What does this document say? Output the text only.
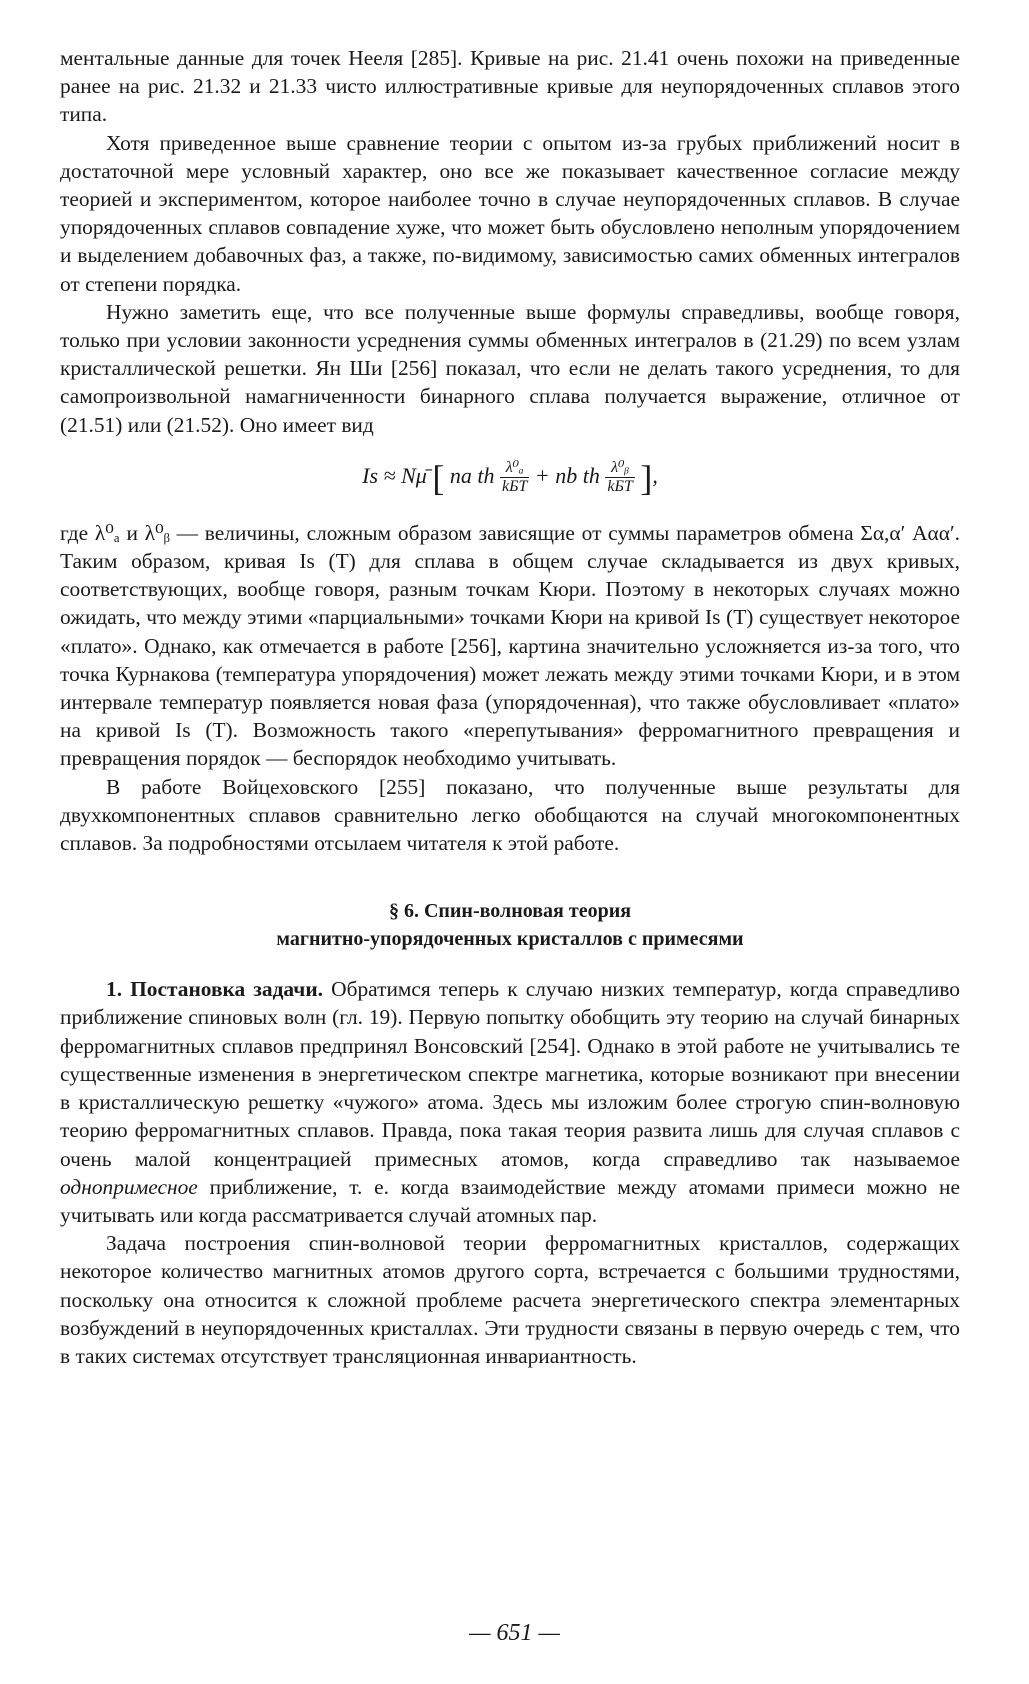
ментальные данные для точек Нееля [285]. Кривые на рис. 21.41 очень похожи на приведенные ранее на рис. 21.32 и 21.33 чисто иллюстративные кривые для неупорядоченных сплавов этого типа.

Хотя приведенное выше сравнение теории с опытом из-за грубых приближений носит в достаточной мере условный характер, оно все же показывает качественное согласие между теорией и экспериментом, которое наиболее точно в случае неупорядоченных сплавов. В случае упорядоченных сплавов совпадение хуже, что может быть обусловлено неполным упорядочением и выделением добавочных фаз, а также, по-видимому, зависимостью самих обменных интегралов от степени порядка.

Нужно заметить еще, что все полученные выше формулы справедливы, вообще говоря, только при условии законности усреднения суммы обменных интегралов в (21.29) по всем узлам кристаллической решетки. Ян Ши [256] показал, что если не делать такого усреднения, то для самопроизвольной намагниченности бинарного сплава получается выражение, отличное от (21.51) или (21.52). Оно имеет вид

Is ≈ Nμ̄ [ na th $\frac{\text{λ⁰ₐ}}{\text{kБT}}$ + nb th $\frac{\text{λ⁰ᵦ}}{\text{kБT}}$ ],

где λ⁰ₐ и λ⁰ᵦ — величины, сложным образом зависящие от суммы параметров обмена Σα,α′ Aαα′. Таким образом, кривая Is (T) для сплава в общем случае складывается из двух кривых, соответствующих, вообще говоря, разным точкам Кюри. Поэтому в некоторых случаях можно ожидать, что между этими «парциальными» точками Кюри на кривой Is (T) существует некоторое «плато». Однако, как отмечается в работе [256], картина значительно усложняется из-за того, что точка Курнакова (температура упорядочения) может лежать между этими точками Кюри, и в этом интервале температур появляется новая фаза (упорядоченная), что также обусловливает «плато» на кривой Is (T). Возможность такого «перепутывания» ферромагнитного превращения и превращения порядок — беспорядок необходимо учитывать.

В работе Войцеховского [255] показано, что полученные выше результаты для двухкомпонентных сплавов сравнительно легко обобщаются на случай многокомпонентных сплавов. За подробностями отсылаем читателя к этой работе.

§ 6. Спин-волновая теория
магнитно-упорядоченных кристаллов с примесями

1. Постановка задачи. Обратимся теперь к случаю низких температур, когда справедливо приближение спиновых волн (гл. 19). Первую попытку обобщить эту теорию на случай бинарных ферромагнитных сплавов предпринял Вонсовский [254]. Однако в этой работе не учитывались те существенные изменения в энергетическом спектре магнетика, которые возникают при внесении в кристаллическую решетку «чужого» атома. Здесь мы изложим более строгую спин-волновую теорию ферромагнитных сплавов. Правда, пока такая теория развита лишь для случая сплавов с очень малой концентрацией примесных атомов, когда справедливо так называемое однопримесное приближение, т. е. когда взаимодействие между атомами примеси можно не учитывать или когда рассматривается случай атомных пар.

Задача построения спин-волновой теории ферромагнитных кристаллов, содержащих некоторое количество магнитных атомов другого сорта, встречается с большими трудностями, поскольку она относится к сложной проблеме расчета энергетического спектра элементарных возбуждений в неупорядоченных кристаллах. Эти трудности связаны в первую очередь с тем, что в таких системах отсутствует трансляционная инвариантность.

— 651 —
